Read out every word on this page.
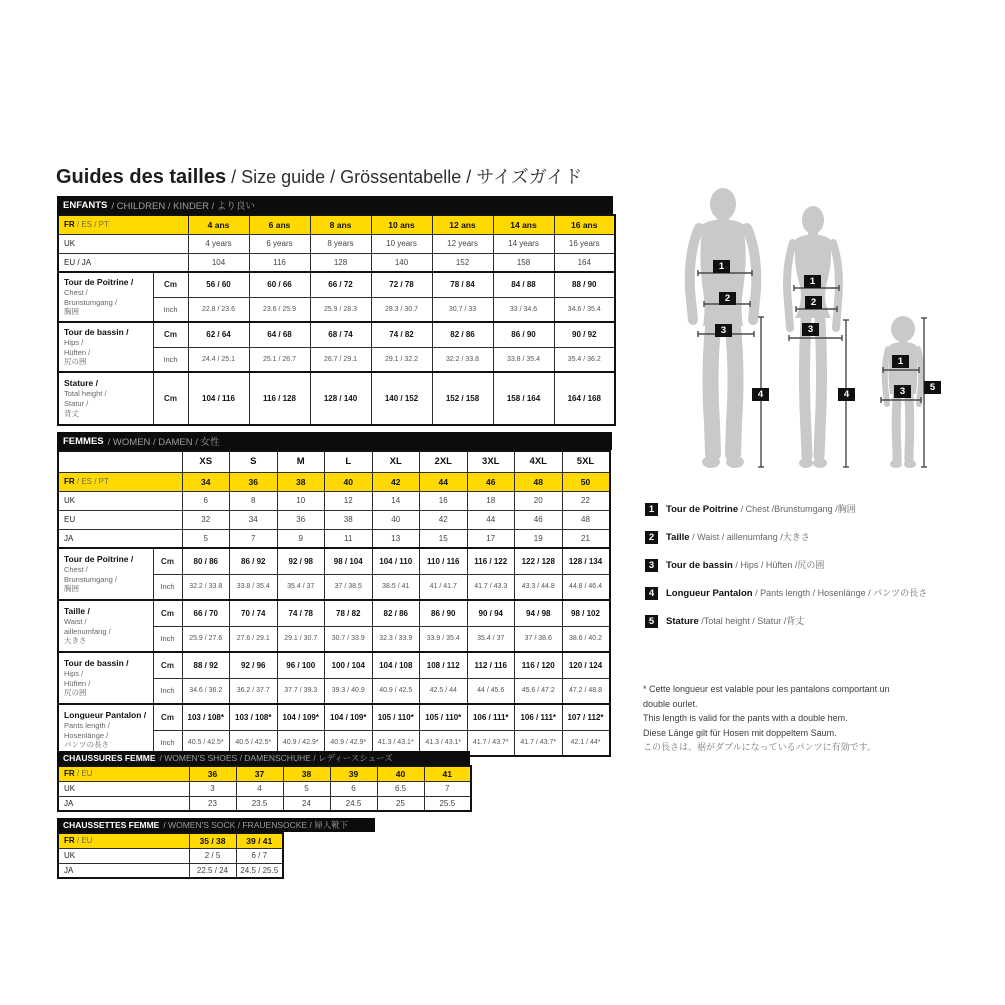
Guides des tailles / Size guide / Grössentabelle / サイズガイド
ENFANTS / CHILDREN / KINDER / より良い
FR / ES / PT		4 ans	6 ans	8 ans	10 ans	12 ans	14 ans	16 ans
UK		4 years	6 years	8 years	10 years	12 years	14 years	16 years
EU / JA		104	116	128	140	152	158	164

Tour de Poitrine /
Chest /
Brunstumgang /
胸囲	Cm	56 / 60	60 / 66	66 / 72	72 / 78	78 / 84	84 / 88	88 / 90
	Inch	22.8 / 23.6	23.6 / 25.9	25.9 / 28.3	28.3 / 30.7	30.7 / 33	33 / 34.6	34.6 / 35.4

Tour de bassin /
Hips /
Hüften /
尻の囲	Cm	62 / 64	64 / 68	68 / 74	74 / 82	82 / 86	86 / 90	90 / 92
	Inch	24.4 / 25.1	25.1 / 26.7	26.7 / 29.1	29.1 / 32.2	32.2 / 33.8	33.8 / 35.4	35.4 / 36.2

Stature /
Total height /
Statur /
背丈	Cm	104 / 116	116 / 128	128 / 140	140 / 152	152 / 158	158 / 164	164 / 168
FEMMES / WOMEN / DAMEN / 女性
		XS	S	M	L	XL	2XL	3XL	4XL	5XL
FR / ES / PT		34	36	38	40	42	44	46	48	50
UK		6	8	10	12	14	16	18	20	22
EU		32	34	36	38	40	42	44	46	48
JA		5	7	9	11	13	15	17	19	21

Tour de Poitrine /
Chest /
Brunstumgang /
胸囲	Cm	80 / 86	86 / 92	92 / 98	98 / 104	104 / 110	110 / 116	116 / 122	122 / 128	128 / 134
	Inch	32.2 / 33.8	33.8 / 35.4	35.4 / 37	37 / 38.5	38.5 / 41	41 / 41.7	41.7 / 43.3	43.3 / 44.8	44.8 / 46.4

Taille /
Waist /
aillenumfang /
大きさ	Cm	66 / 70	70 / 74	74 / 78	78 / 82	82 / 86	86 / 90	90 / 94	94 / 98	98 / 102
	Inch	25.9 / 27.6	27.6 / 29.1	29.1 / 30.7	30.7 / 33.9	32.3 / 33.9	33.9 / 35.4	35.4 / 37	37 / 38.6	38.6 / 40.2

Tour de bassin /
Hips /
Hüften /
尻の囲	Cm	88 / 92	92 / 96	96 / 100	100 / 104	104 / 108	108 / 112	112 / 116	116 / 120	120 / 124
	Inch	34.6 / 36.2	36.2 / 37.7	37.7 / 39.3	39.3 / 40.9	40.9 / 42.5	42.5 / 44	44 / 45.6	45.6 / 47.2	47.2 / 48.8

Longueur Pantalon /
Pants length /
Hosenlänge /
パンツの長さ	Cm	103 / 108*	103 / 108*	104 / 109*	104 / 109*	105 / 110*	105 / 110*	106 / 111*	106 / 111*	107 / 112*
	Inch	40.5 / 42.5*	40.5 / 42.5*	40.9 / 42.9*	40.9 / 42.9*	41.3 / 43.1*	41.3 / 43.1*	41.7 / 43.7*	41.7 / 43.7*	42.1 / 44*
CHAUSSURES FEMME / WOMEN'S SHOES / DAMENSCHUHE / レディースシューズ
FR / EU	36	37	38	39	40	41
UK	3	4	5	6	6.5	7
JA	23	23.5	24	24.5	25	25.5
CHAUSSETTES FEMME / WOMEN'S SOCK / FRAUENSOCKE / 婦人靴下
FR / EU	35 / 38	39 / 41
UK	2 / 5	6 / 7
JA	22.5 / 24	24.5 / 25.5
1
2
3
4
1
2
3
4
1
3	5
1	Tour de Poitrine / Chest /Brunstumgang /胸囲
2	Taille / Waist / aillenumfang /大きさ
3	Tour de bassin / Hips / Hüften /尻の囲
4	Longueur Pantalon / Pants length / Hosenlänge / パンツの長さ
5	Stature /Total height / Statur /背丈
* Cette longueur est valable pour les pantalons comportant un
double ourlet.
This length is valid for the pants with a double hem.
Diese Länge gilt für Hosen mit doppeltem Saum.
この長さは、裾がダブルになっているパンツに有効です。
